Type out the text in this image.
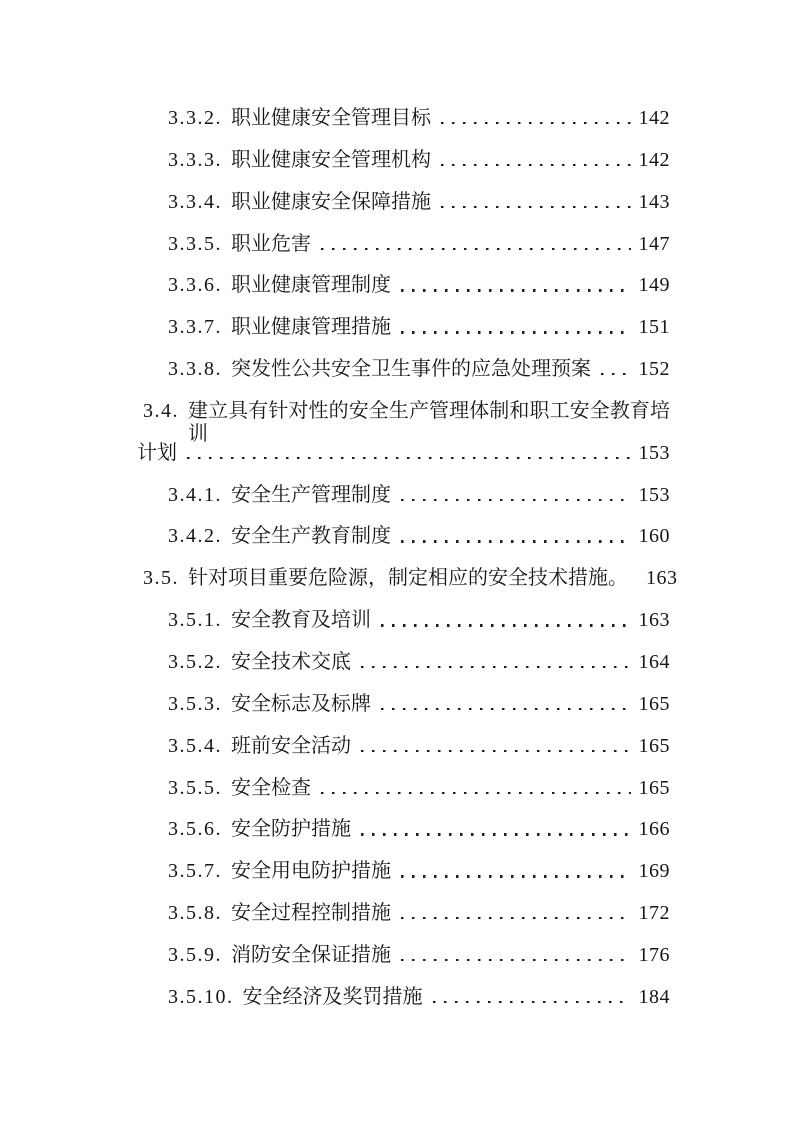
3.3.2. 职业健康安全管理目标	142
3.3.3. 职业健康安全管理机构	142
3.3.4. 职业健康安全保障措施	143
3.3.5. 职业危害	147
3.3.6. 职业健康管理制度	149
3.3.7. 职业健康管理措施	151
3.3.8. 突发性公共安全卫生事件的应急处理预案 152
3.4. 建立具有针对性的安全生产管理体制和职工安全教育培训
计划	153
3.4.1. 安全生产管理制度	153
3.4.2. 安全生产教育制度	160
3.5. 针对项目重要危险源，制定相应的安全技术措施。 163
3.5.1. 安全教育及培训	163
3.5.2. 安全技术交底	164
3.5.3. 安全标志及标牌	165
3.5.4. 班前安全活动	165
3.5.5. 安全检查	165
3.5.6. 安全防护措施	166
3.5.7. 安全用电防护措施	169
3.5.8. 安全过程控制措施	172
3.5.9. 消防安全保证措施	176
3.5.10. 安全经济及奖罚措施	184
